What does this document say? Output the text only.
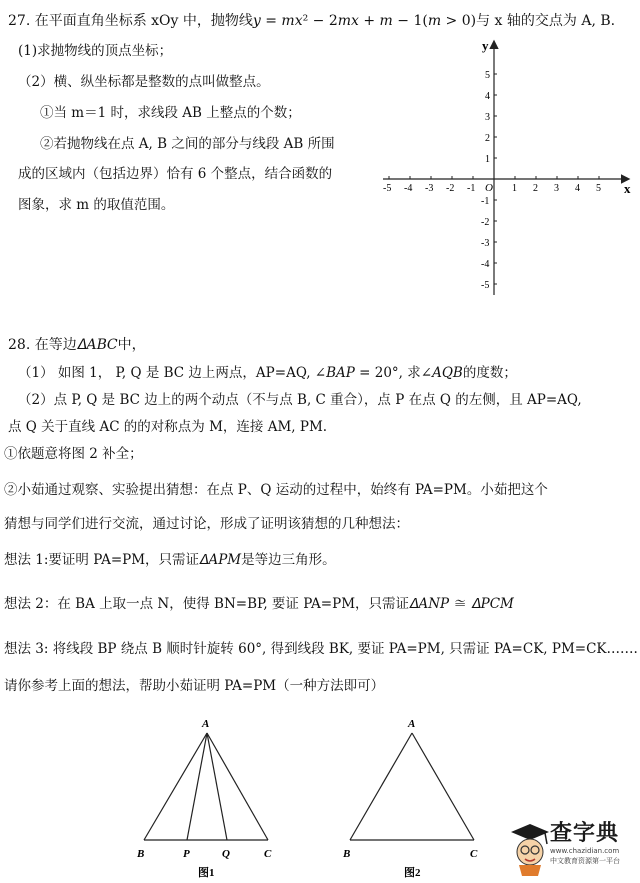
27. 在平面直角坐标系 xOy 中，抛物线𝑦 = 𝑚𝑥² − 2𝑚𝑥 + 𝑚 − 1(𝑚 > 0)与 x 轴的交点为 A, B.
(1)求抛物线的顶点坐标；
（2）横、纵坐标都是整数的点叫做整点。
①当 m＝1 时，求线段 AB 上整点的个数；
②若抛物线在点 A, B 之间的部分与线段 AB 所围
成的区域内（包括边界）恰有 6 个整点，结合函数的
图象，求 m 的取值范围。
y
x
O
-5 -4 -3 -2 -1	1 2 3 4 5
5
4
3
2
1
-1
-2
-3
-4
-5
28. 在等边𝛥𝐴𝐵𝐶中，
（1） 如图 1， P, Q 是 BC 边上两点，AP=AQ, ∠𝐵𝐴𝑃 = 20°, 求∠𝐴𝑄𝐵的度数；
（2）点 P, Q 是 BC 边上的两个动点（不与点 B, C 重合），点 P 在点 Q 的左侧，且 AP=AQ,
点 Q 关于直线 AC 的的对称点为 M，连接 AM, PM.
①依题意将图 2 补全；
②小茹通过观察、实验提出猜想：在点 P、Q 运动的过程中，始终有 PA=PM。小茹把这个
猜想与同学们进行交流，通过讨论，形成了证明该猜想的几种想法：
想法 1:要证明 PA=PM，只需证𝛥𝐴𝑃𝑀是等边三角形。
想法 2：在 BA 上取一点 N，使得 BN=BP, 要证 PA=PM，只需证𝛥𝐴𝑁𝑃 ≅ 𝛥𝑃𝐶𝑀
想法 3: 将线段 BP 绕点 B 顺时针旋转 60°, 得到线段 BK, 要证 PA=PM, 只需证 PA=CK, PM=CK…….
请你参考上面的想法，帮助小茹证明 PA=PM（一种方法即可）
A
B	P	Q	C
图1
A
B	C
图2
查字典
www.chazidian.com
中文教育资源第一平台
